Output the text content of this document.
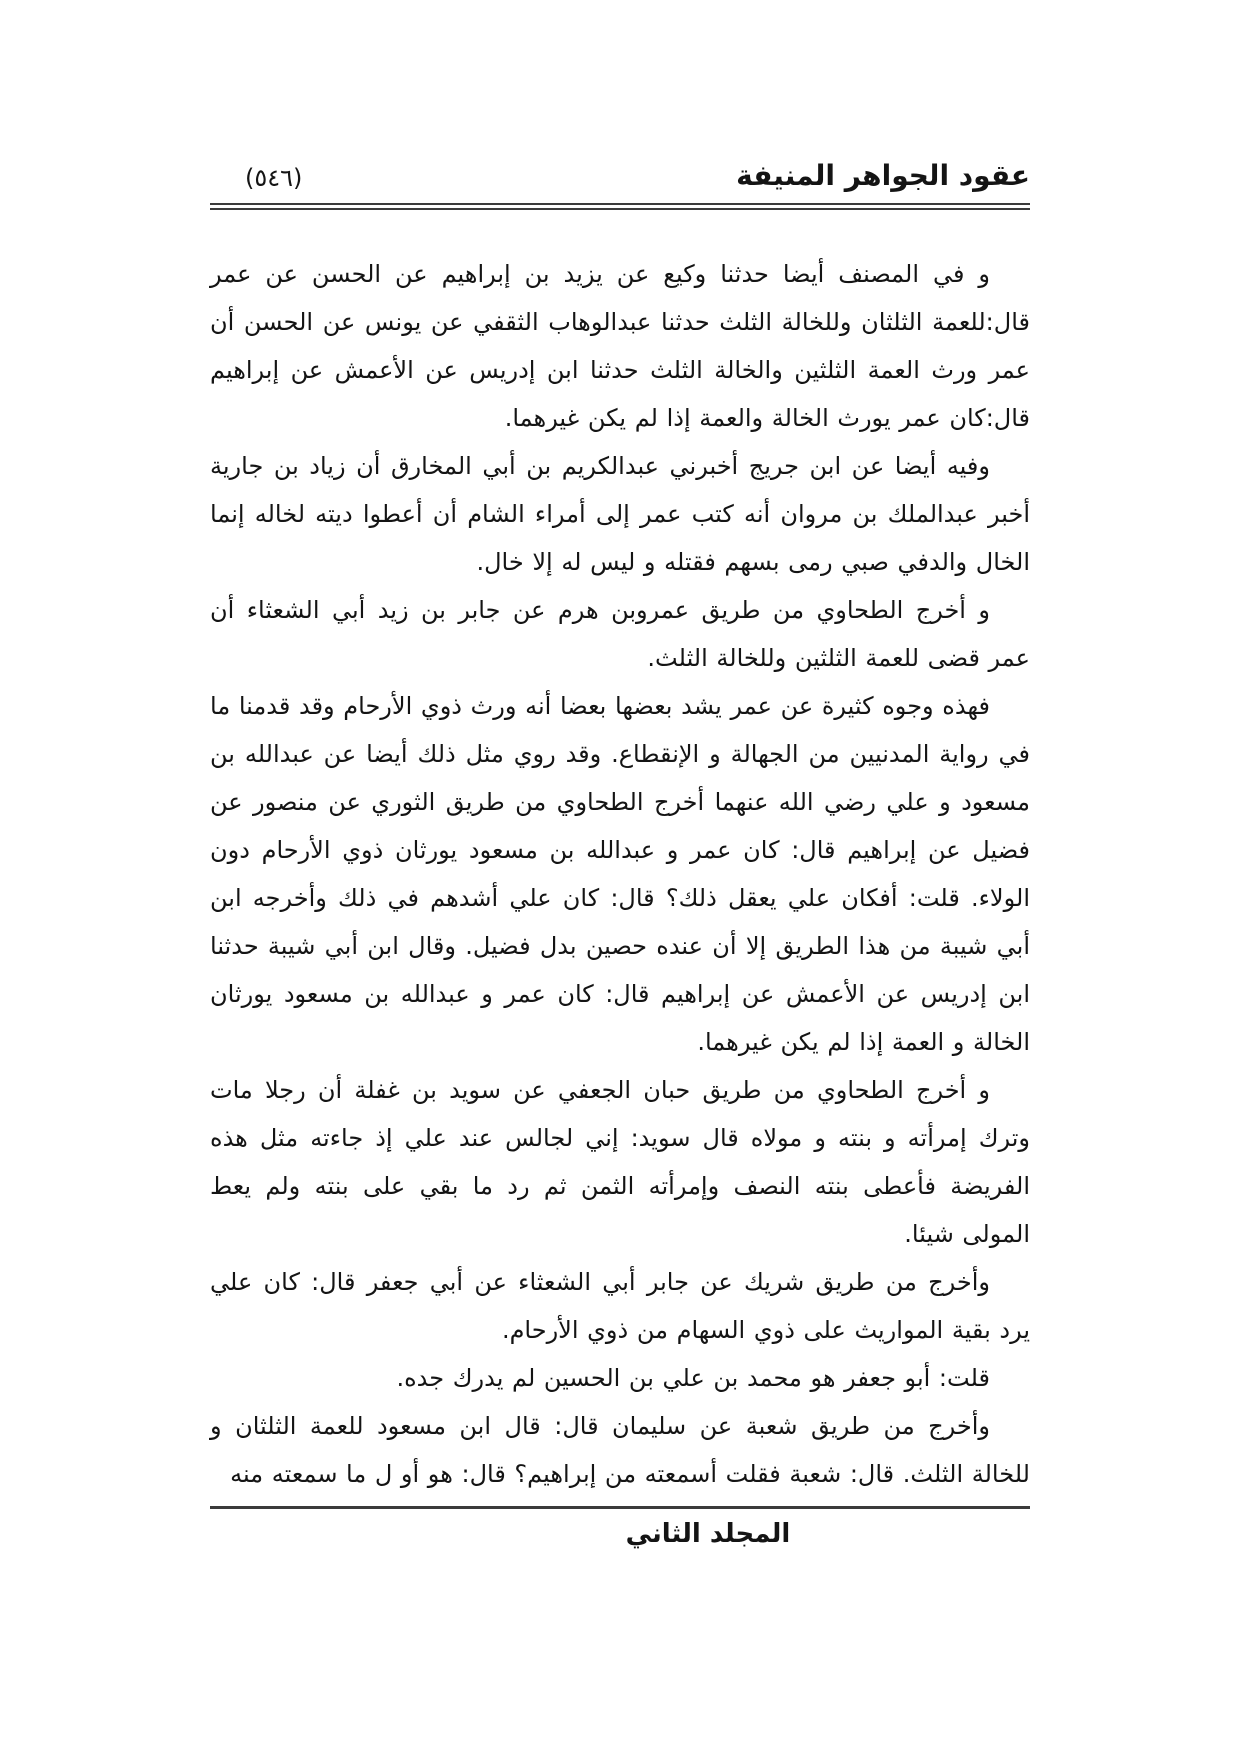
عقود الجواهر المنيفة
(٥٤٦)

و في المصنف أيضا حدثنا وكيع عن يزيد بن إبراهيم عن الحسن عن عمر قال:للعمة الثلثان وللخالة الثلث حدثنا عبدالوهاب الثقفي عن يونس عن الحسن أن عمر ورث العمة الثلثين والخالة الثلث حدثنا ابن إدريس عن الأعمش عن إبراهيم قال:كان عمر يورث الخالة والعمة إذا لم يكن غيرهما.

وفيه أيضا عن ابن جريج أخبرني عبدالكريم بن أبي المخارق أن زياد بن جارية أخبر عبدالملك بن مروان أنه كتب عمر إلى أمراء الشام أن أعطوا ديته لخاله إنما الخال والدفي صبي رمى بسهم فقتله و ليس له إلا خال.

و أخرج الطحاوي من طريق عمروبن هرم عن جابر بن زيد أبي الشعثاء أن عمر قضى للعمة الثلثين وللخالة الثلث.

فهذه وجوه كثيرة عن عمر يشد بعضها بعضا أنه ورث ذوي الأرحام وقد قدمنا ما في رواية المدنيين من الجهالة و الإنقطاع. وقد روي مثل ذلك أيضا عن عبدالله بن مسعود و علي رضي الله عنهما أخرج الطحاوي من طريق الثوري عن منصور عن فضيل عن إبراهيم قال: كان عمر و عبدالله بن مسعود يورثان ذوي الأرحام دون الولاء. قلت: أفكان علي يعقل ذلك؟ قال: كان علي أشدهم في ذلك وأخرجه ابن أبي شيبة من هذا الطريق إلا أن عنده حصين بدل فضيل. وقال ابن أبي شيبة حدثنا ابن إدريس عن الأعمش عن إبراهيم قال: كان عمر و عبدالله بن مسعود يورثان الخالة و العمة إذا لم يكن غيرهما.

و أخرج الطحاوي من طريق حبان الجعفي عن سويد بن غفلة أن رجلا مات وترك إمرأته و بنته و مولاه قال سويد: إني لجالس عند علي إذ جاءته مثل هذه الفريضة فأعطى بنته النصف وإمرأته الثمن ثم رد ما بقي على بنته ولم يعط المولى شيئا.

وأخرج من طريق شريك عن جابر أبي الشعثاء عن أبي جعفر قال: كان علي يرد بقية المواريث على ذوي السهام من ذوي الأرحام.

قلت: أبو جعفر هو محمد بن علي بن الحسين لم يدرك جده.

وأخرج من طريق شعبة عن سليمان قال: قال ابن مسعود للعمة الثلثان و للخالة الثلث. قال: شعبة فقلت أسمعته من إبراهيم؟ قال: هو أو ل ما سمعته منه

المجلد الثاني
